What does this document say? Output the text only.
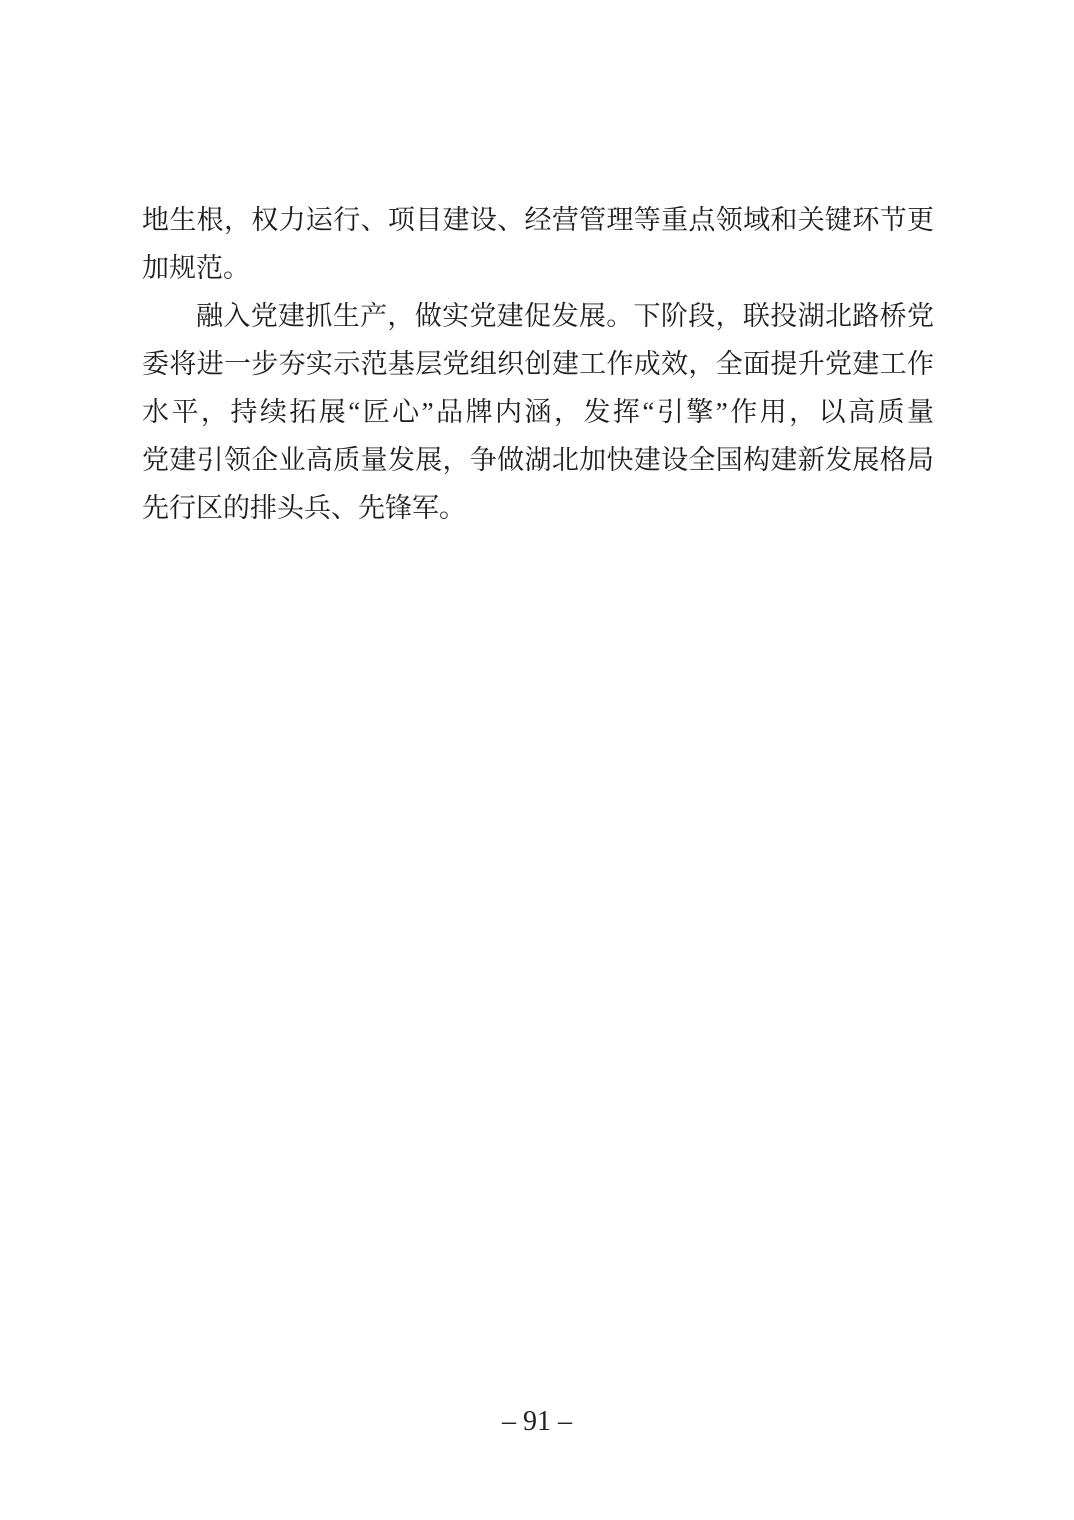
地生根，权力运行、项目建设、经营管理等重点领域和关键环节更
加规范。
融入党建抓生产，做实党建促发展。下阶段，联投湖北路桥党
委将进一步夯实示范基层党组织创建工作成效，全面提升党建工作
水平，持续拓展“匠心”品牌内涵，发挥“引擎”作用，以高质量
党建引领企业高质量发展，争做湖北加快建设全国构建新发展格局
先行区的排头兵、先锋军。
– 91 –
